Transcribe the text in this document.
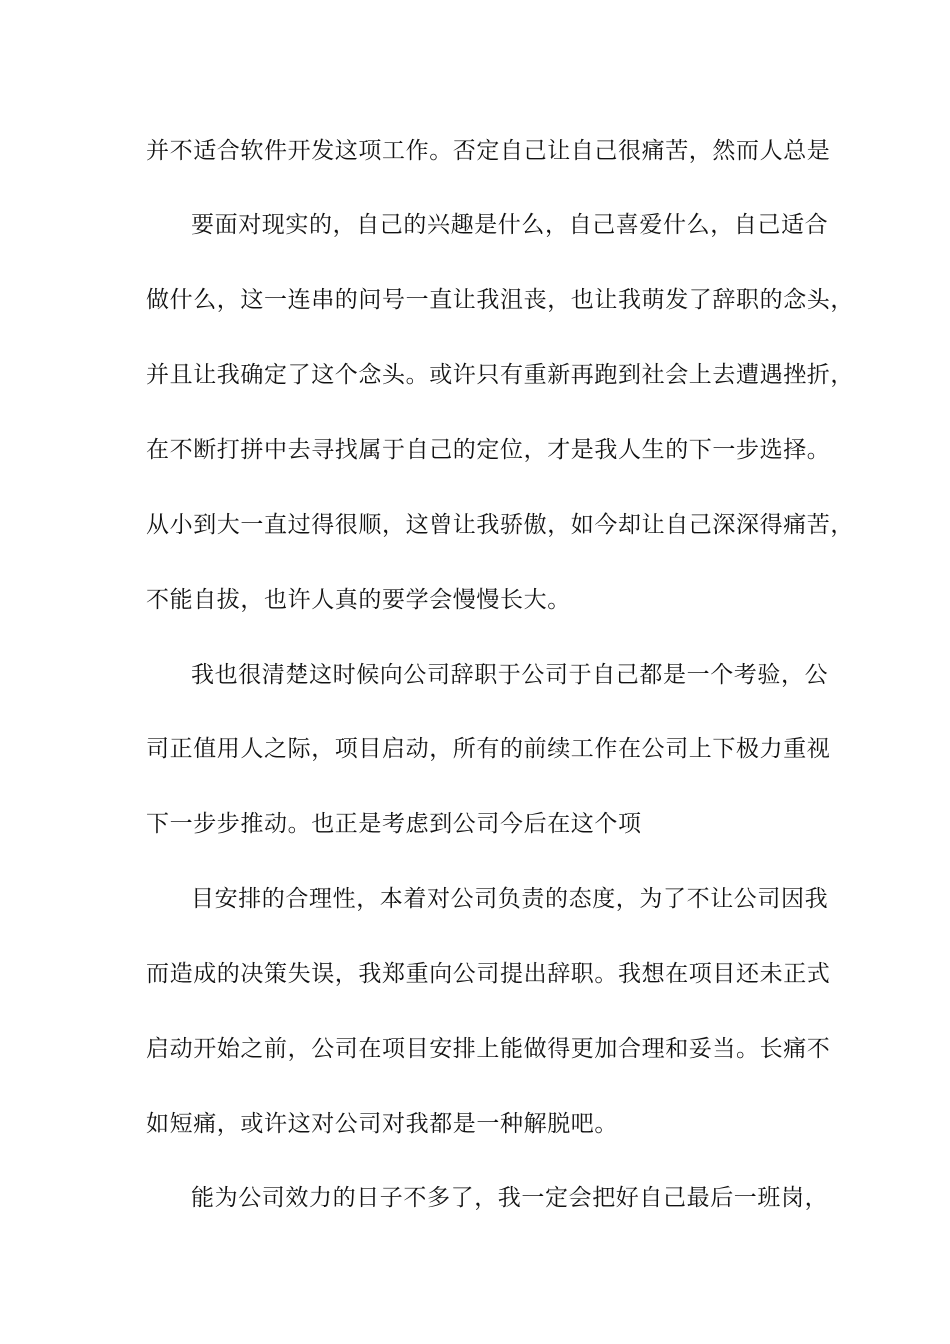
并不适合软件开发这项工作。否定自己让自己很痛苦，然而人总是
要面对现实的，自己的兴趣是什么，自己喜爱什么，自己适合
做什么，这一连串的问号一直让我沮丧，也让我萌发了辞职的念头，
并且让我确定了这个念头。或许只有重新再跑到社会上去遭遇挫折，
在不断打拼中去寻找属于自己的定位，才是我人生的下一步选择。
从小到大一直过得很顺，这曾让我骄傲，如今却让自己深深得痛苦，
不能自拔，也许人真的要学会慢慢长大。
我也很清楚这时候向公司辞职于公司于自己都是一个考验，公
司正值用人之际，项目启动，所有的前续工作在公司上下极力重视
下一步步推动。也正是考虑到公司今后在这个项
目安排的合理性，本着对公司负责的态度，为了不让公司因我
而造成的决策失误，我郑重向公司提出辞职。我想在项目还未正式
启动开始之前，公司在项目安排上能做得更加合理和妥当。长痛不
如短痛，或许这对公司对我都是一种解脱吧。
能为公司效力的日子不多了，我一定会把好自己最后一班岗，
